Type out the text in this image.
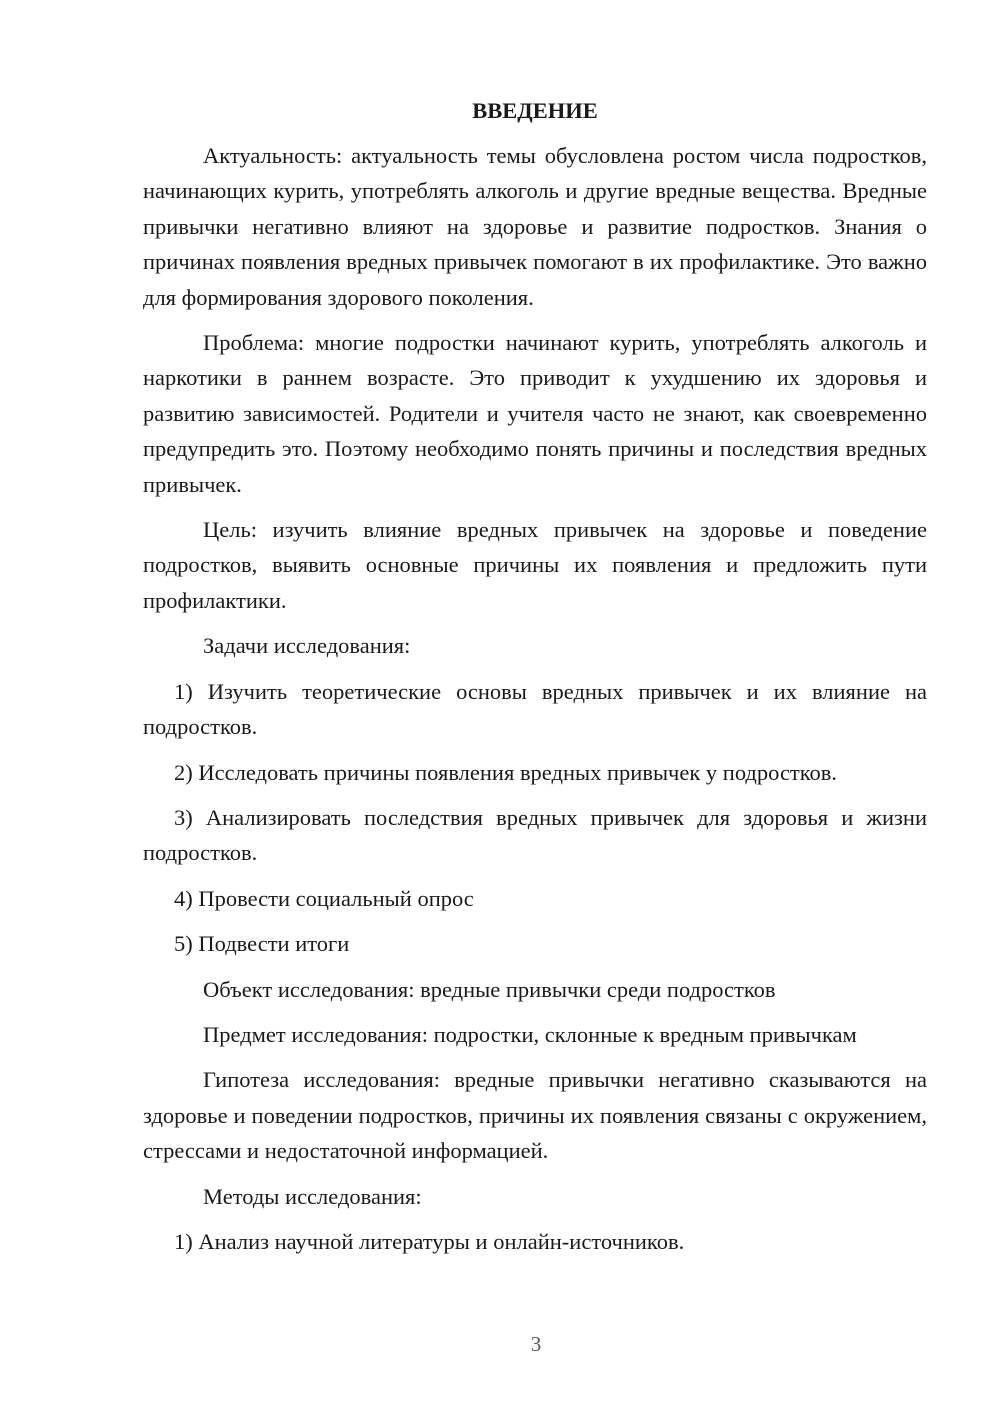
ВВЕДЕНИЕ

Актуальность: актуальность темы обусловлена ростом числа подростков, начинающих курить, употреблять алкоголь и другие вредные вещества. Вредные привычки негативно влияют на здоровье и развитие подростков. Знания о причинах появления вредных привычек помогают в их профилактике. Это важно для формирования здорового поколения.

Проблема: многие подростки начинают курить, употреблять алкоголь и наркотики в раннем возрасте. Это приводит к ухудшению их здоровья и развитию зависимостей. Родители и учителя часто не знают, как своевременно предупредить это. Поэтому необходимо понять причины и последствия вредных привычек.

Цель: изучить влияние вредных привычек на здоровье и поведение подростков, выявить основные причины их появления и предложить пути профилактики.

Задачи исследования:

1) Изучить теоретические основы вредных привычек и их влияние на подростков.

2) Исследовать причины появления вредных привычек у подростков.

3) Анализировать последствия вредных привычек для здоровья и жизни подростков.

4) Провести социальный опрос

5) Подвести итоги

Объект исследования: вредные привычки среди подростков

Предмет исследования: подростки, склонные к вредным привычкам

Гипотеза исследования: вредные привычки негативно сказываются на здоровье и поведении подростков, причины их появления связаны с окружением, стрессами и недостаточной информацией.

Методы исследования:

1) Анализ научной литературы и онлайн-источников.

3
